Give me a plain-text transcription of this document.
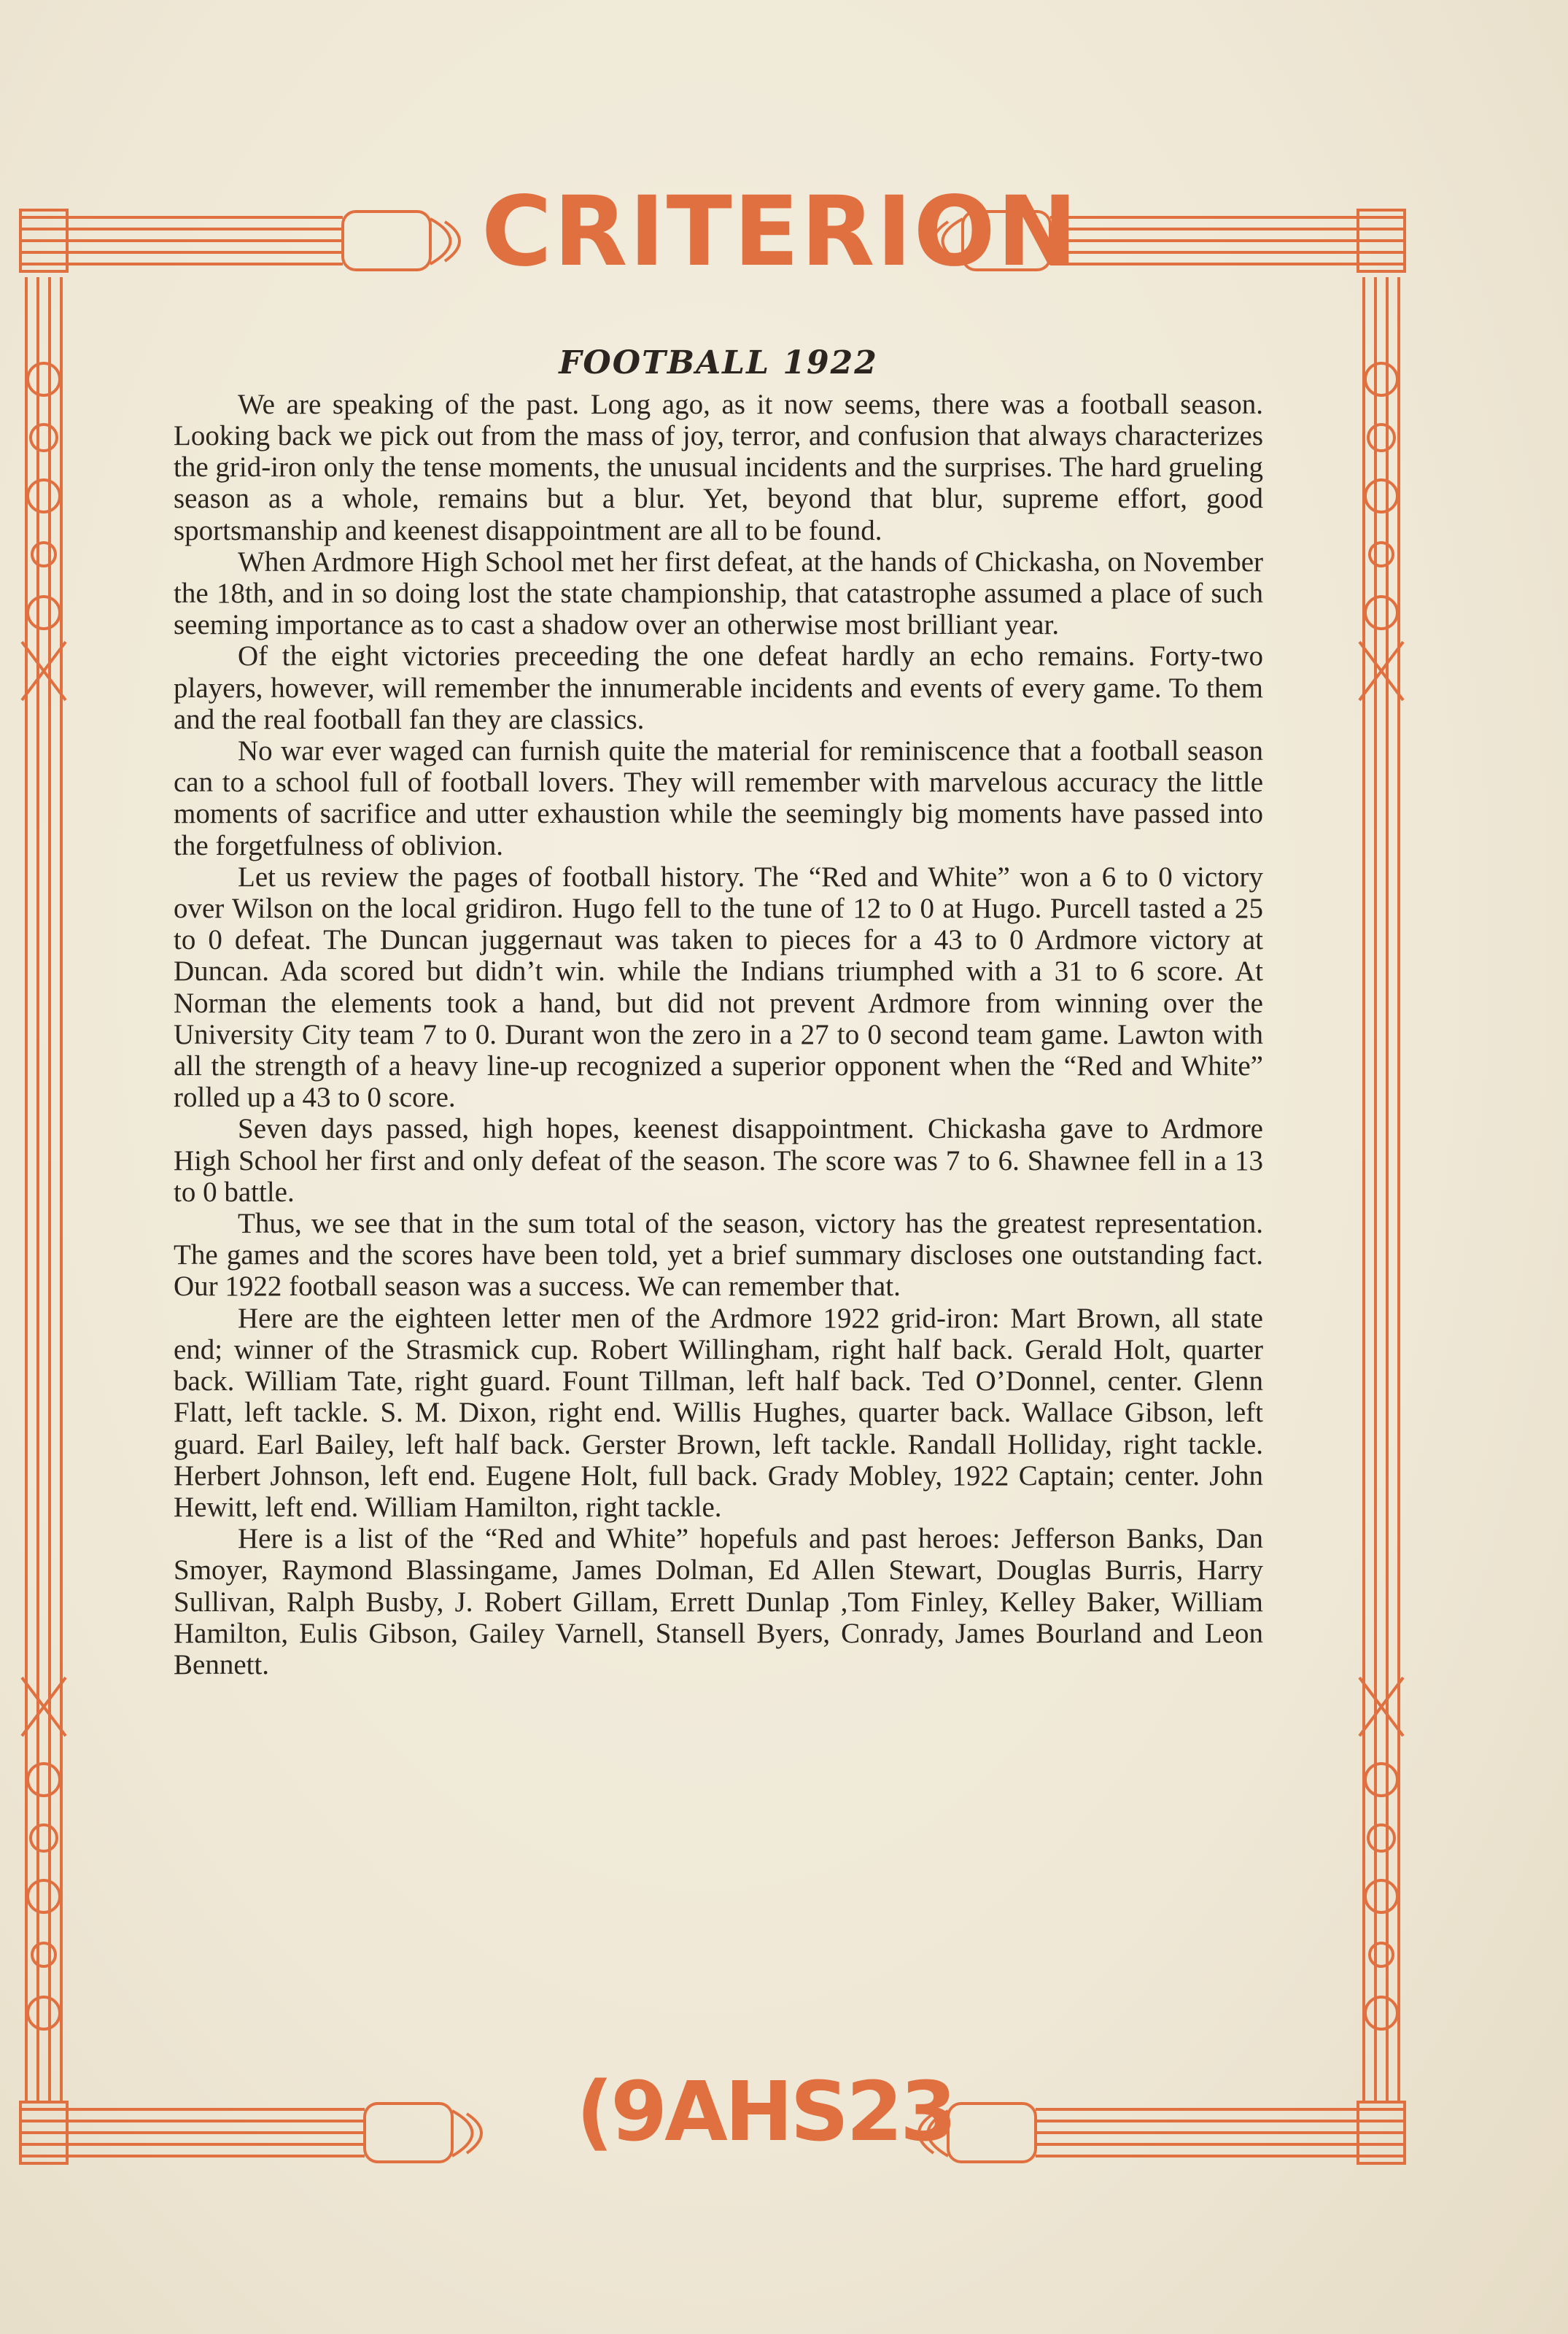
CRITERION
FOOTBALL 1922

We are speaking of the past. Long ago, as it now seems, there was a football season. Looking back we pick out from the mass of joy, terror, and confusion that always characterizes the grid-iron only the tense moments, the unusual incidents and the surprises. The hard grueling season as a whole, remains but a blur. Yet, beyond that blur, supreme effort, good sportsmanship and keenest disappointment are all to be found.

When Ardmore High School met her first defeat, at the hands of Chickasha, on November the 18th, and in so doing lost the state championship, that catastrophe assumed a place of such seeming importance as to cast a shadow over an otherwise most brilliant year.

Of the eight victories preceeding the one defeat hardly an echo remains. Forty-two players, however, will remember the innumerable incidents and events of every game. To them and the real football fan they are classics.

No war ever waged can furnish quite the material for reminiscence that a football season can to a school full of football lovers. They will remember with marvelous accuracy the little moments of sacrifice and utter exhaustion while the seemingly big moments have passed into the forgetfulness of oblivion.

Let us review the pages of football history. The “Red and White” won a 6 to 0 victory over Wilson on the local gridiron. Hugo fell to the tune of 12 to 0 at Hugo. Purcell tasted a 25 to 0 defeat. The Duncan juggernaut was taken to pieces for a 43 to 0 Ardmore victory at Duncan. Ada scored but didn’t win. while the Indians triumphed with a 31 to 6 score. At Norman the elements took a hand, but did not prevent Ardmore from winning over the University City team 7 to 0. Durant won the zero in a 27 to 0 second team game. Lawton with all the strength of a heavy line-up recognized a superior opponent when the “Red and White” rolled up a 43 to 0 score.

Seven days passed, high hopes, keenest disappointment. Chickasha gave to Ardmore High School her first and only defeat of the season. The score was 7 to 6. Shawnee fell in a 13 to 0 battle.

Thus, we see that in the sum total of the season, victory has the greatest representation. The games and the scores have been told, yet a brief summary discloses one outstanding fact. Our 1922 football season was a success. We can remember that.

Here are the eighteen letter men of the Ardmore 1922 grid-iron: Mart Brown, all state end; winner of the Strasmick cup. Robert Willingham, right half back. Gerald Holt, quarter back. William Tate, right guard. Fount Tillman, left half back. Ted O’Donnel, center. Glenn Flatt, left tackle. S. M. Dixon, right end. Willis Hughes, quarter back. Wallace Gibson, left guard. Earl Bailey, left half back. Gerster Brown, left tackle. Randall Holliday, right tackle. Herbert Johnson, left end. Eugene Holt, full back. Grady Mobley, 1922 Captain; center. John Hewitt, left end. William Hamilton, right tackle.

Here is a list of the “Red and White” hopefuls and past heroes: Jefferson Banks, Dan Smoyer, Raymond Blassingame, James Dolman, Ed Allen Stewart, Douglas Burris, Harry Sullivan, Ralph Busby, J. Robert Gillam, Errett Dunlap ,Tom Finley, Kelley Baker, William Hamilton, Eulis Gibson, Gailey Varnell, Stansell Byers, Conrady, James Bourland and Leon Bennett.

(9AHS23
